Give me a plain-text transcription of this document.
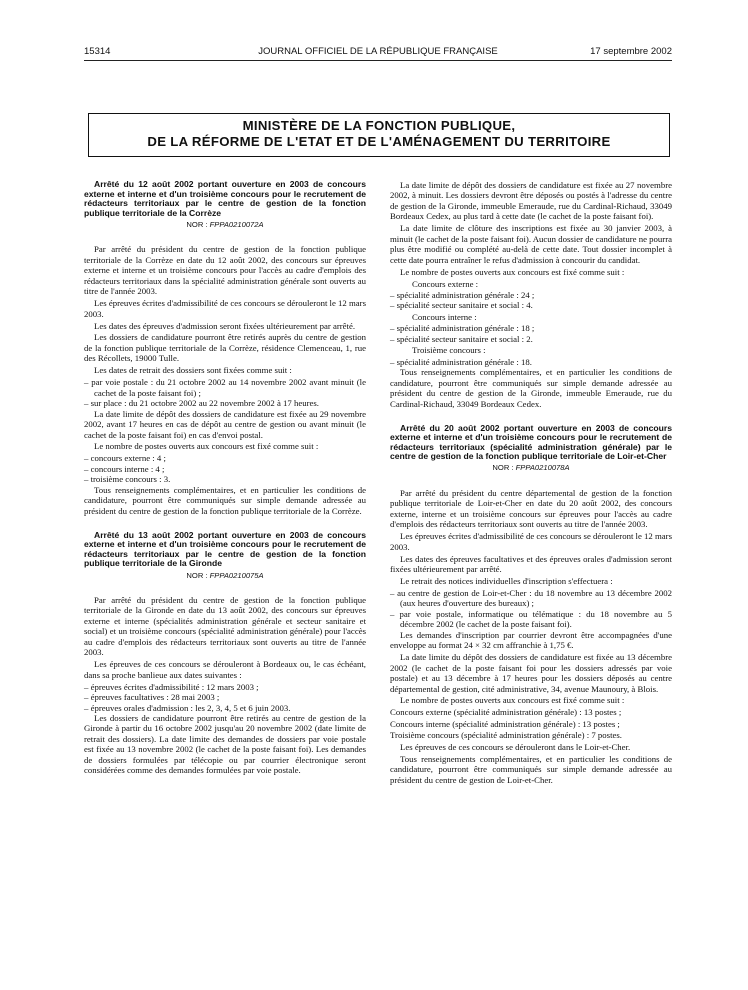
15314	JOURNAL OFFICIEL DE LA RÉPUBLIQUE FRANÇAISE	17 septembre 2002
MINISTÈRE DE LA FONCTION PUBLIQUE,
DE LA RÉFORME DE L'ETAT ET DE L'AMÉNAGEMENT DU TERRITOIRE

Arrêté du 12 août 2002 portant ouverture en 2003 de concours externe et interne et d'un troisième concours pour le recrutement de rédacteurs territoriaux par le centre de gestion de la fonction publique territoriale de la Corrèze

NOR : FPPA0210072A

Par arrêté du président du centre de gestion de la fonction publique territoriale de la Corrèze en date du 12 août 2002, des concours sur épreuves externe et interne et un troisième concours pour l'accès au cadre d'emplois des rédacteurs territoriaux dans la spécialité administration générale sont ouverts au titre de l'année 2003.

Les épreuves écrites d'admissibilité de ces concours se dérouleront le 12 mars 2003.

Les dates des épreuves d'admission seront fixées ultérieurement par arrêté.

Les dossiers de candidature pourront être retirés auprès du centre de gestion de la fonction publique territoriale de la Corrèze, résidence Clemenceau, 1, rue des Récollets, 19000 Tulle.

Les dates de retrait des dossiers sont fixées comme suit :

– par voie postale : du 21 octobre 2002 au 14 novembre 2002 avant minuit (le cachet de la poste faisant foi) ;

– sur place : du 21 octobre 2002 au 22 novembre 2002 à 17 heures.

La date limite de dépôt des dossiers de candidature est fixée au 29 novembre 2002, avant 17 heures en cas de dépôt au centre de gestion ou avant minuit (le cachet de la poste faisant foi) en cas d'envoi postal.

Le nombre de postes ouverts aux concours est fixé comme suit :

– concours externe : 4 ;

– concours interne : 4 ;

– troisième concours : 3.

Tous renseignements complémentaires, et en particulier les conditions de candidature, pourront être communiqués sur simple demande adressée au président du centre de gestion de la fonction publique territoriale de la Corrèze.

Arrêté du 13 août 2002 portant ouverture en 2003 de concours externe et interne et d'un troisième concours pour le recrutement de rédacteurs territoriaux par le centre de gestion de la fonction publique territoriale de la Gironde

NOR : FPPA0210075A

Par arrêté du président du centre de gestion de la fonction publique territoriale de la Gironde en date du 13 août 2002, des concours sur épreuves externe et interne (spécialités administration générale et secteur sanitaire et social) et un troisième concours (spécialité administration générale) pour l'accès au cadre d'emplois des rédacteurs territoriaux sont ouverts au titre de l'année 2003.

Les épreuves de ces concours se dérouleront à Bordeaux ou, le cas échéant, dans sa proche banlieue aux dates suivantes :

– épreuves écrites d'admissibilité : 12 mars 2003 ;

– épreuves facultatives : 28 mai 2003 ;

– épreuves orales d'admission : les 2, 3, 4, 5 et 6 juin 2003.

Les dossiers de candidature pourront être retirés au centre de gestion de la Gironde à partir du 16 octobre 2002 jusqu'au 20 novembre 2002 (date limite de retrait des dossiers). La date limite des demandes de dossiers par voie postale est fixée au 13 novembre 2002 (le cachet de la poste faisant foi). Les demandes de dossiers formulées par télécopie ou par courrier électronique seront considérées comme des demandes formulées par voie postale.

La date limite de dépôt des dossiers de candidature est fixée au 27 novembre 2002, à minuit. Les dossiers devront être déposés ou postés à l'adresse du centre de gestion de la Gironde, immeuble Emeraude, rue du Cardinal-Richaud, 33049 Bordeaux Cedex, au plus tard à cette date (le cachet de la poste faisant foi).

La date limite de clôture des inscriptions est fixée au 30 janvier 2003, à minuit (le cachet de la poste faisant foi). Aucun dossier de candidature ne pourra plus être modifié ou complété au-delà de cette date. Tout dossier incomplet à cette date pourra entraîner le refus d'admission à concourir du candidat.

Le nombre de postes ouverts aux concours est fixé comme suit :

Concours externe :

– spécialité administration générale : 24 ;

– spécialité secteur sanitaire et social : 4.

Concours interne :

– spécialité administration générale : 18 ;

– spécialité secteur sanitaire et social : 2.

Troisième concours :

– spécialité administration générale : 18.

Tous renseignements complémentaires, et en particulier les conditions de candidature, pourront être communiqués sur simple demande adressée au président du centre de gestion de la Gironde, immeuble Emeraude, rue du Cardinal-Richaud, 33049 Bordeaux Cedex.

Arrêté du 20 août 2002 portant ouverture en 2003 de concours externe et interne et d'un troisième concours pour le recrutement de rédacteurs territoriaux (spécialité administration générale) par le centre de gestion de la fonction publique territoriale de Loir-et-Cher

NOR : FPPA0210078A

Par arrêté du président du centre départemental de gestion de la fonction publique territoriale de Loir-et-Cher en date du 20 août 2002, des concours externe, interne et un troisième concours sur épreuves pour l'accès au cadre d'emplois des rédacteurs territoriaux sont ouverts au titre de l'année 2003.

Les épreuves écrites d'admissibilité de ces concours se dérouleront le 12 mars 2003.

Les dates des épreuves facultatives et des épreuves orales d'admission seront fixées ultérieurement par arrêté.

Le retrait des notices individuelles d'inscription s'effectuera :

– au centre de gestion de Loir-et-Cher : du 18 novembre au 13 décembre 2002 (aux heures d'ouverture des bureaux) ;

– par voie postale, informatique ou télématique : du 18 novembre au 5 décembre 2002 (le cachet de la poste faisant foi).

Les demandes d'inscription par courrier devront être accompagnées d'une enveloppe au format 24 × 32 cm affranchie à 1,75 €.

La date limite du dépôt des dossiers de candidature est fixée au 13 décembre 2002 (le cachet de la poste faisant foi pour les dossiers adressés par voie postale) et au 13 décembre à 17 heures pour les dossiers déposés au centre départemental de gestion, cité administrative, 34, avenue Maunoury, à Blois.

Le nombre de postes ouverts aux concours est fixé comme suit :

Concours externe (spécialité administration générale) : 13 postes ;

Concours interne (spécialité administration générale) : 13 postes ;

Troisième concours (spécialité administration générale) : 7 postes.

Les épreuves de ces concours se dérouleront dans le Loir-et-Cher.

Tous renseignements complémentaires, et en particulier les conditions de candidature, pourront être communiqués sur simple demande adressée au président du centre de gestion de Loir-et-Cher.
